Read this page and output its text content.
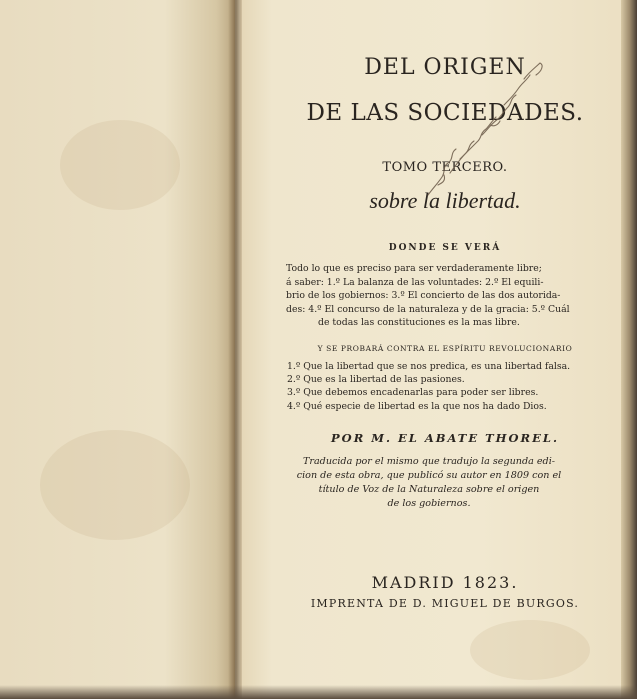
DEL ORIGEN
DE LAS SOCIEDADES.
TOMO TERCERO.
sobre la libertad.
DONDE SE VERÁ
Todo lo que es preciso para ser verdaderamente libre;
á saber: 1.º La balanza de las voluntades: 2.º El equili-
brio de los gobiernos: 3.º El concierto de las dos autorida-
des: 4.º El concurso de la naturaleza y de la gracia: 5.º Cuál
de todas las constituciones es la mas libre.
Y SE PROBARÁ CONTRA EL ESPÍRITU REVOLUCIONARIO
1.º Que la libertad que se nos predica, es una libertad falsa.
2.º Que es la libertad de las pasiones.
3.º Que debemos encadenarlas para poder ser libres.
4.º Qué especie de libertad es la que nos ha dado Dios.
POR M. EL ABATE THOREL.
Traducida por el mismo que tradujo la segunda edi-
cion de esta obra, que publicó su autor en 1809 con el
título de Voz de la Naturaleza sobre el origen
de los gobiernos.
MADRID 1823.
IMPRENTA DE D. MIGUEL DE BURGOS.
